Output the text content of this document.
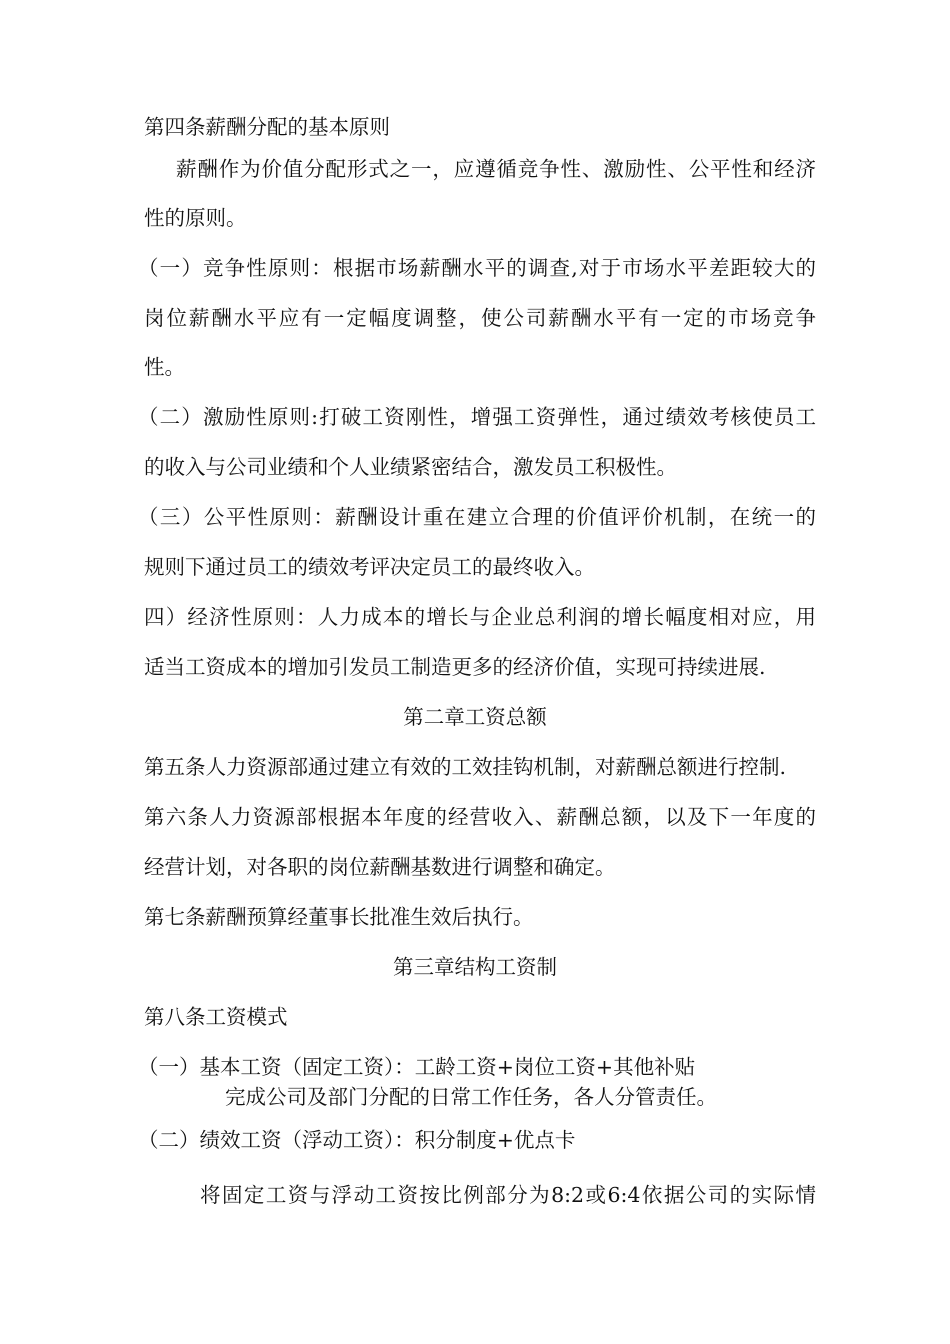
第四条薪酬分配的基本原则
薪酬作为价值分配形式之一，应遵循竞争性、激励性、公平性和经济
性的原则。
（一）竞争性原则：根据市场薪酬水平的调查,对于市场水平差距较大的
岗位薪酬水平应有一定幅度调整，使公司薪酬水平有一定的市场竞争
性。
（二）激励性原则:打破工资刚性，增强工资弹性，通过绩效考核使员工
的收入与公司业绩和个人业绩紧密结合，激发员工积极性。
（三）公平性原则：薪酬设计重在建立合理的价值评价机制，在统一的
规则下通过员工的绩效考评决定员工的最终收入。
四）经济性原则：人力成本的增长与企业总利润的增长幅度相对应，用
适当工资成本的增加引发员工制造更多的经济价值，实现可持续进展.
第二章工资总额
第五条人力资源部通过建立有效的工效挂钩机制，对薪酬总额进行控制.
第六条人力资源部根据本年度的经营收入、薪酬总额，以及下一年度的
经营计划，对各职的岗位薪酬基数进行调整和确定。
第七条薪酬预算经董事长批准生效后执行。
第三章结构工资制
第八条工资模式
（一）基本工资（固定工资）：工龄工资+岗位工资+其他补贴
完成公司及部门分配的日常工作任务，各人分管责任。
（二）绩效工资（浮动工资）：积分制度+优点卡
将固定工资与浮动工资按比例部分为8:2或6:4依据公司的实际情
